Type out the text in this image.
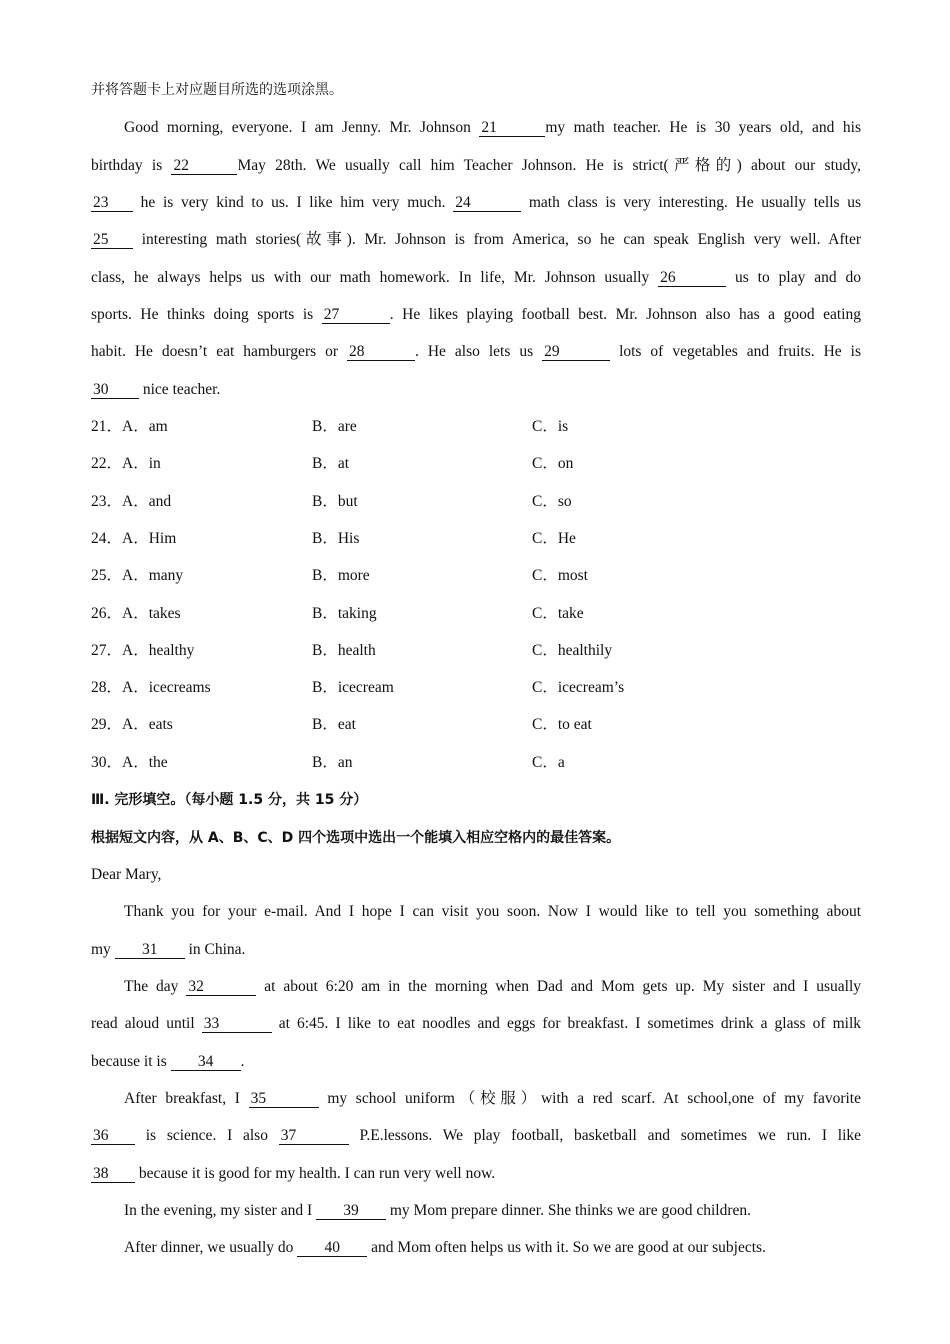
并将答题卡上对应题目所选的选项涂黑。
Good morning, everyone. I am Jenny. Mr. Johnson 21	my math teacher. He is 30 years old, and his
birthday is 22	May 28th. We usually call him Teacher Johnson. He is strict(严格的) about our study,
23 he is very kind to us. I like him very much. 24	math class is very interesting. He usually tells us
25 interesting math stories(故事). Mr. Johnson is from America, so he can speak English very well. After
class, he always helps us with our math homework. In life, Mr. Johnson usually 26	us to play and do
sports. He thinks doing sports is 27	. He likes playing football best. Mr. Johnson also has a good eating
habit. He doesn’t eat hamburgers or 28	. He also lets us 29	lots of vegetables and fruits. He is
30 nice teacher.
21．A．am	B．are	C．is
22．A．in	B．at	C．on
23．A．and	B．but	C．so
24．A．Him	B．His	C．He
25．A．many	B．more	C．most
26．A．takes	B．taking	C．take
27．A．healthy	B．health	C．healthily
28．A．icecreams	B．icecream	C．icecream’s
29．A．eats	B．eat	C．to eat
30．A．the	B．an	C．a
Ⅲ. 完形填空。（每小题 1.5 分，共 15 分）
根据短文内容，从 A、B、C、D 四个选项中选出一个能填入相应空格内的最佳答案。
Dear Mary,
Thank you for your e-mail. And I hope I can visit you soon. Now I would like to tell you something about
my 31 in China.
The day 32	at about 6:20 am in the morning when Dad and Mom gets up. My sister and I usually
read aloud until 33	at 6:45. I like to eat noodles and eggs for breakfast. I sometimes drink a glass of milk
because it is 34 .
After breakfast, I 35	my school uniform（校服）with a red scarf. At school,one of my favorite
36 is science. I also 37	P.E.lessons. We play football, basketball and sometimes we run. I like
38 because it is good for my health. I can run very well now.
In the evening, my sister and I 39 my Mom prepare dinner. She thinks we are good children.
After dinner, we usually do 40 and Mom often helps us with it. So we are good at our subjects.
